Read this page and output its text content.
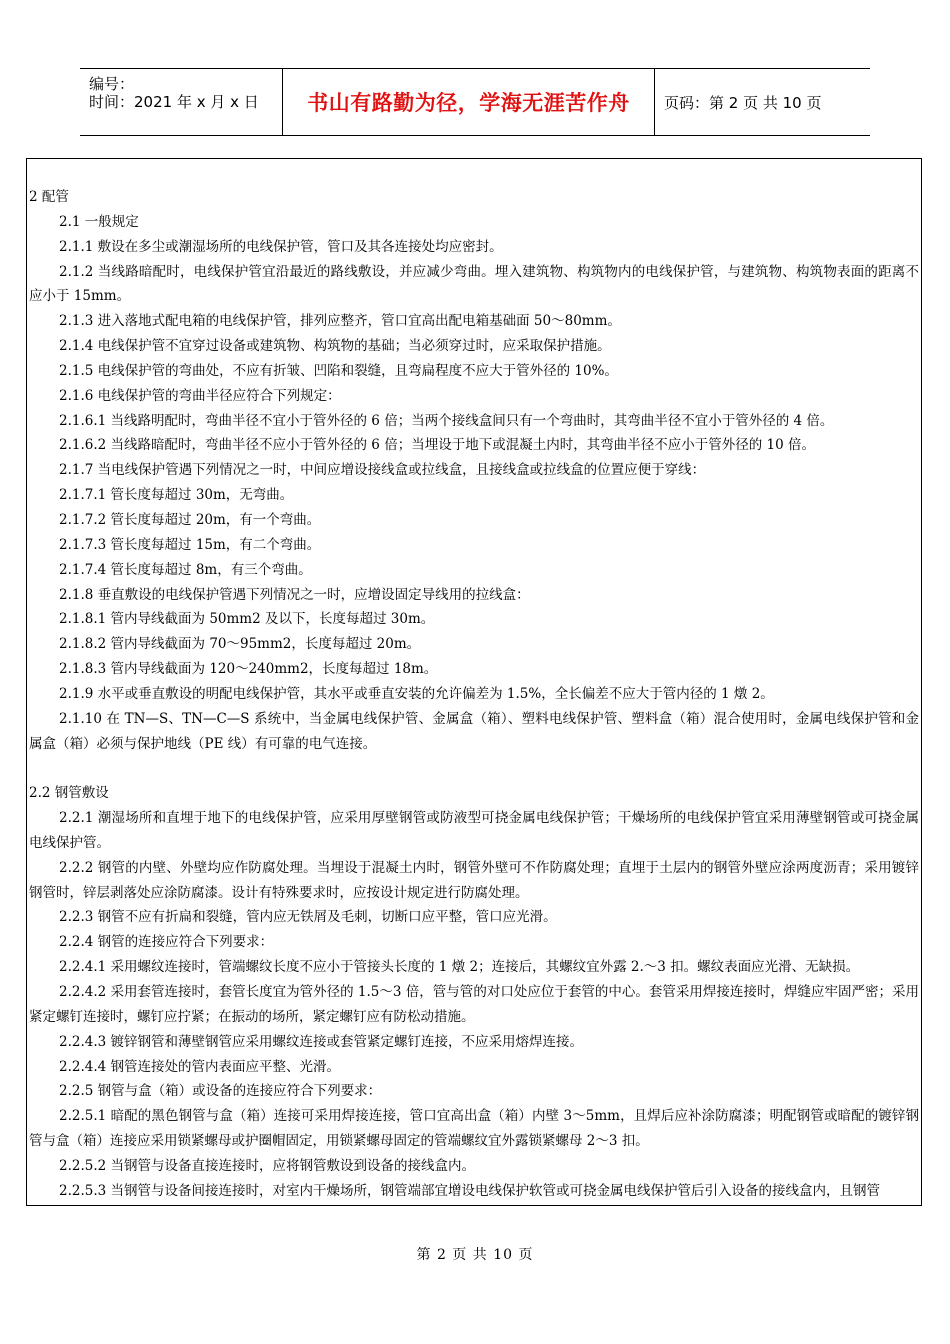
编号：
时间：2021 年 x 月 x 日	书山有路勤为径，学海无涯苦作舟	页码：第 2 页 共 10 页

2 配管

2.1 一般规定

2.1.1 敷设在多尘或潮湿场所的电线保护管，管口及其各连接处均应密封。

2.1.2 当线路暗配时，电线保护管宜沿最近的路线敷设，并应减少弯曲。埋入建筑物、构筑物内的电线保护管，与建筑物、构筑物表面的距离不应小于 15mm。

2.1.3 进入落地式配电箱的电线保护管，排列应整齐，管口宜高出配电箱基础面 50～80mm。

2.1.4 电线保护管不宜穿过设备或建筑物、构筑物的基础；当必须穿过时，应采取保护措施。

2.1.5 电线保护管的弯曲处，不应有折皱、凹陷和裂缝，且弯扁程度不应大于管外径的 10%。

2.1.6 电线保护管的弯曲半径应符合下列规定：

2.1.6.1 当线路明配时，弯曲半径不宜小于管外径的 6 倍；当两个接线盒间只有一个弯曲时，其弯曲半径不宜小于管外径的 4 倍。

2.1.6.2 当线路暗配时，弯曲半径不应小于管外径的 6 倍；当埋设于地下或混凝土内时，其弯曲半径不应小于管外径的 10 倍。

2.1.7 当电线保护管遇下列情况之一时，中间应增设接线盒或拉线盒，且接线盒或拉线盒的位置应便于穿线：

2.1.7.1 管长度每超过 30m，无弯曲。

2.1.7.2 管长度每超过 20m，有一个弯曲。

2.1.7.3 管长度每超过 15m，有二个弯曲。

2.1.7.4 管长度每超过 8m，有三个弯曲。

2.1.8 垂直敷设的电线保护管遇下列情况之一时，应增设固定导线用的拉线盒：

2.1.8.1 管内导线截面为 50mm2 及以下，长度每超过 30m。

2.1.8.2 管内导线截面为 70～95mm2，长度每超过 20m。

2.1.8.3 管内导线截面为 120～240mm2，长度每超过 18m。

2.1.9 水平或垂直敷设的明配电线保护管，其水平或垂直安装的允许偏差为 1.5%，全长偏差不应大于管内径的 1 燉 2。

2.1.10 在 TN—S、TN—C—S 系统中，当金属电线保护管、金属盒（箱）、塑料电线保护管、塑料盒（箱）混合使用时，金属电线保护管和金属盒（箱）必须与保护地线（PE 线）有可靠的电气连接。

2.2 钢管敷设

2.2.1 潮湿场所和直埋于地下的电线保护管，应采用厚壁钢管或防液型可挠金属电线保护管；干燥场所的电线保护管宜采用薄壁钢管或可挠金属电线保护管。

2.2.2 钢管的内壁、外壁均应作防腐处理。当埋设于混凝土内时，钢管外壁可不作防腐处理；直埋于土层内的钢管外壁应涂两度沥青；采用镀锌钢管时，锌层剥落处应涂防腐漆。设计有特殊要求时，应按设计规定进行防腐处理。

2.2.3 钢管不应有折扁和裂缝，管内应无铁屑及毛刺，切断口应平整，管口应光滑。

2.2.4 钢管的连接应符合下列要求：

2.2.4.1 采用螺纹连接时，管端螺纹长度不应小于管接头长度的 1 燉 2；连接后，其螺纹宜外露 2.～3 扣。螺纹表面应光滑、无缺损。

2.2.4.2 采用套管连接时，套管长度宜为管外径的 1.5～3 倍，管与管的对口处应位于套管的中心。套管采用焊接连接时，焊缝应牢固严密；采用紧定螺钉连接时，螺钉应拧紧；在振动的场所，紧定螺钉应有防松动措施。

2.2.4.3 镀锌钢管和薄壁钢管应采用螺纹连接或套管紧定螺钉连接，不应采用熔焊连接。

2.2.4.4 钢管连接处的管内表面应平整、光滑。

2.2.5 钢管与盒（箱）或设备的连接应符合下列要求：

2.2.5.1 暗配的黑色钢管与盒（箱）连接可采用焊接连接，管口宜高出盒（箱）内壁 3～5mm，且焊后应补涂防腐漆；明配钢管或暗配的镀锌钢管与盒（箱）连接应采用锁紧螺母或护圈帽固定，用锁紧螺母固定的管端螺纹宜外露锁紧螺母 2～3 扣。

2.2.5.2 当钢管与设备直接连接时，应将钢管敷设到设备的接线盒内。

2.2.5.3 当钢管与设备间接连接时，对室内干燥场所，钢管端部宜增设电线保护软管或可挠金属电线保护管后引入设备的接线盒内，且钢管

第 2 页 共 10 页
